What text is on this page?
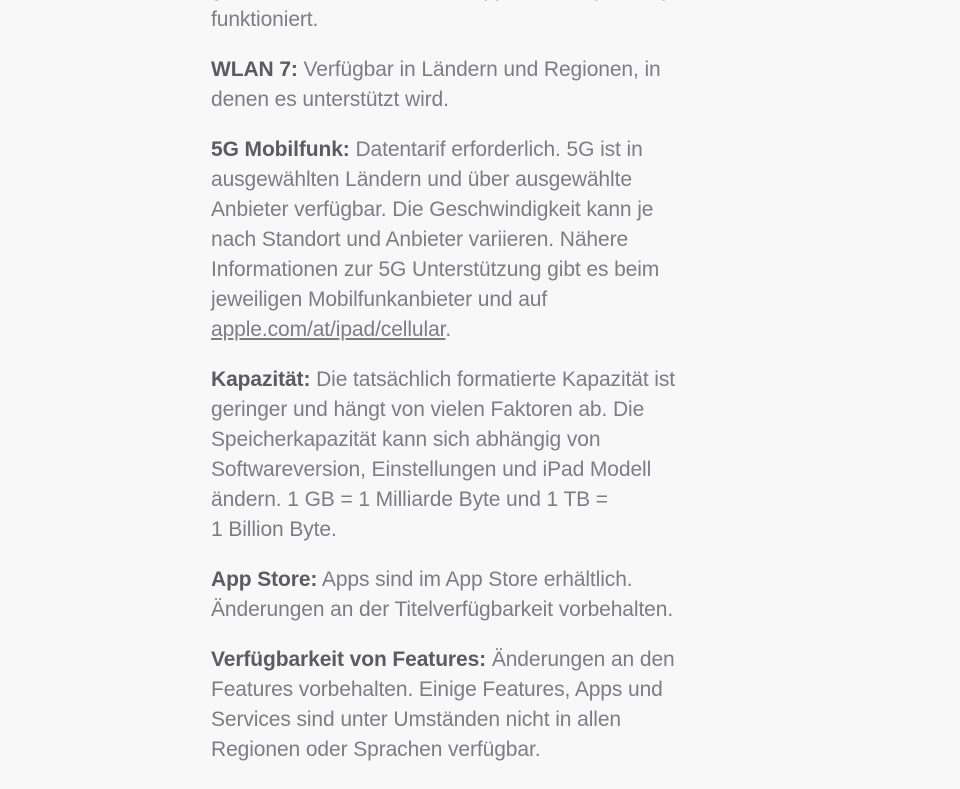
funktioniert.

WLAN 7: Verfügbar in Ländern und Regionen, in
denen es unterstützt wird.

5G Mobilfunk: Datentarif erforderlich. 5G ist in
ausgewählten Ländern und über ausgewählte
Anbieter verfügbar. Die Geschwindigkeit kann je
nach Standort und Anbieter variieren. Nähere
Informationen zur 5G Unterstützung gibt es beim
jeweiligen Mobilfunkanbieter und auf
apple.com/at/ipad/cellular.

Kapazität: Die tatsächlich formatierte Kapazität ist
geringer und hängt von vielen Faktoren ab. Die
Speicherkapazität kann sich abhängig von
Softwareversion, Einstellungen und iPad Modell
ändern. 1 GB = 1 Milliarde Byte und 1 TB =
1 Billion Byte.

App Store: Apps sind im App Store erhältlich.
Änderungen an der Titelverfügbarkeit vorbehalten.

Verfügbarkeit von Features: Änderungen an den
Features vorbehalten. Einige Features, Apps und
Services sind unter Umständen nicht in allen
Regionen oder Sprachen verfügbar.
